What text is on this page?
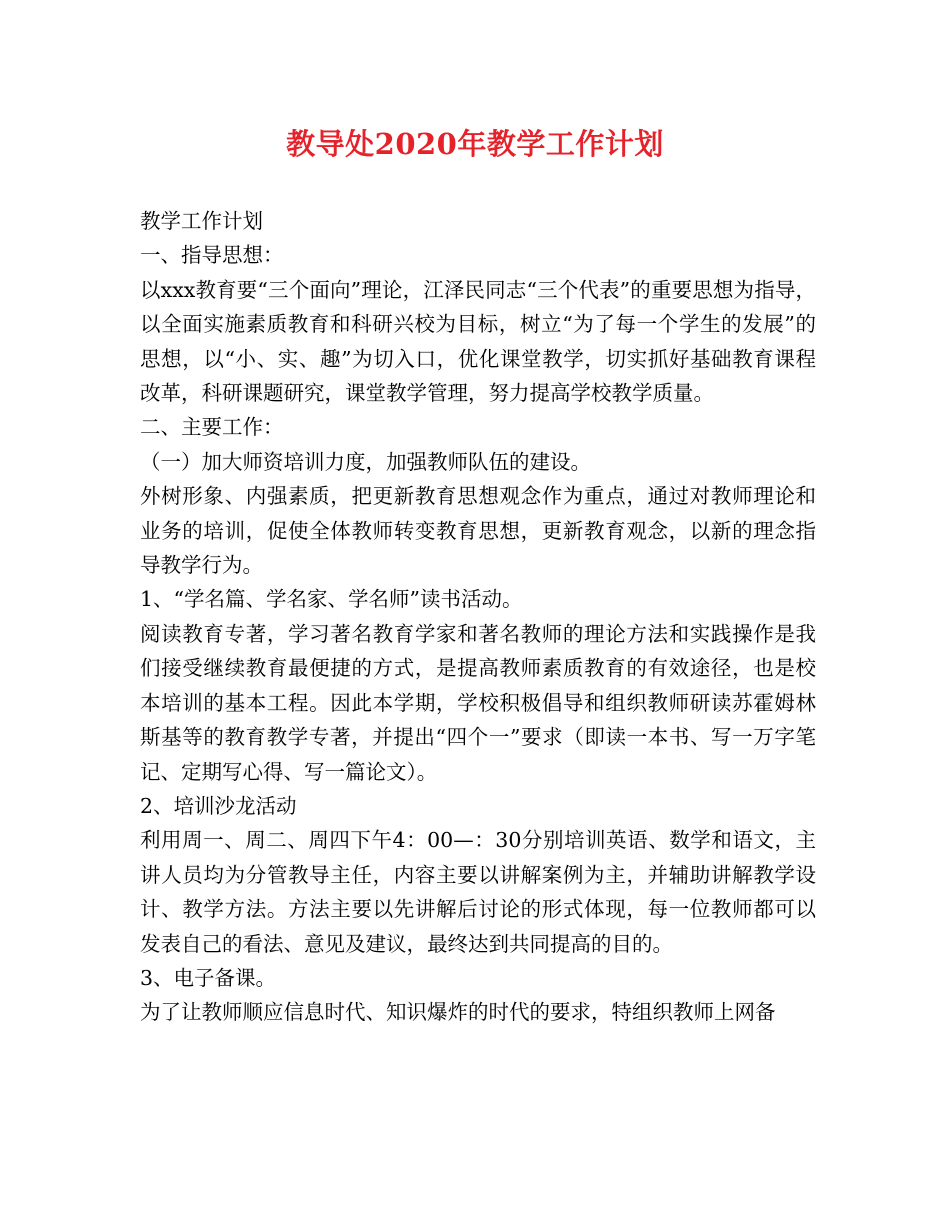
教导处2020年教学工作计划

教学工作计划

一、指导思想：

以xxx教育要“三个面向”理论，江泽民同志“三个代表”的重要思想为指导，以全面实施素质教育和科研兴校为目标，树立“为了每一个学生的发展”的思想，以“小、实、趣”为切入口，优化课堂教学，切实抓好基础教育课程改革，科研课题研究，课堂教学管理，努力提高学校教学质量。

二、主要工作：

（一）加大师资培训力度，加强教师队伍的建设。

外树形象、内强素质，把更新教育思想观念作为重点，通过对教师理论和业务的培训，促使全体教师转变教育思想，更新教育观念，以新的理念指导教学行为。

1、“学名篇、学名家、学名师”读书活动。

阅读教育专著，学习著名教育学家和著名教师的理论方法和实践操作是我们接受继续教育最便捷的方式，是提高教师素质教育的有效途径，也是校本培训的基本工程。因此本学期，学校积极倡导和组织教师研读苏霍姆林斯基等的教育教学专著，并提出“四个一”要求（即读一本书、写一万字笔记、定期写心得、写一篇论文）。

2、培训沙龙活动

利用周一、周二、周四下午4：00—：30分别培训英语、数学和语文，主讲人员均为分管教导主任，内容主要以讲解案例为主，并辅助讲解教学设计、教学方法。方法主要以先讲解后讨论的形式体现，每一位教师都可以发表自己的看法、意见及建议，最终达到共同提高的目的。

3、电子备课。

为了让教师顺应信息时代、知识爆炸的时代的要求，特组织教师上网备
